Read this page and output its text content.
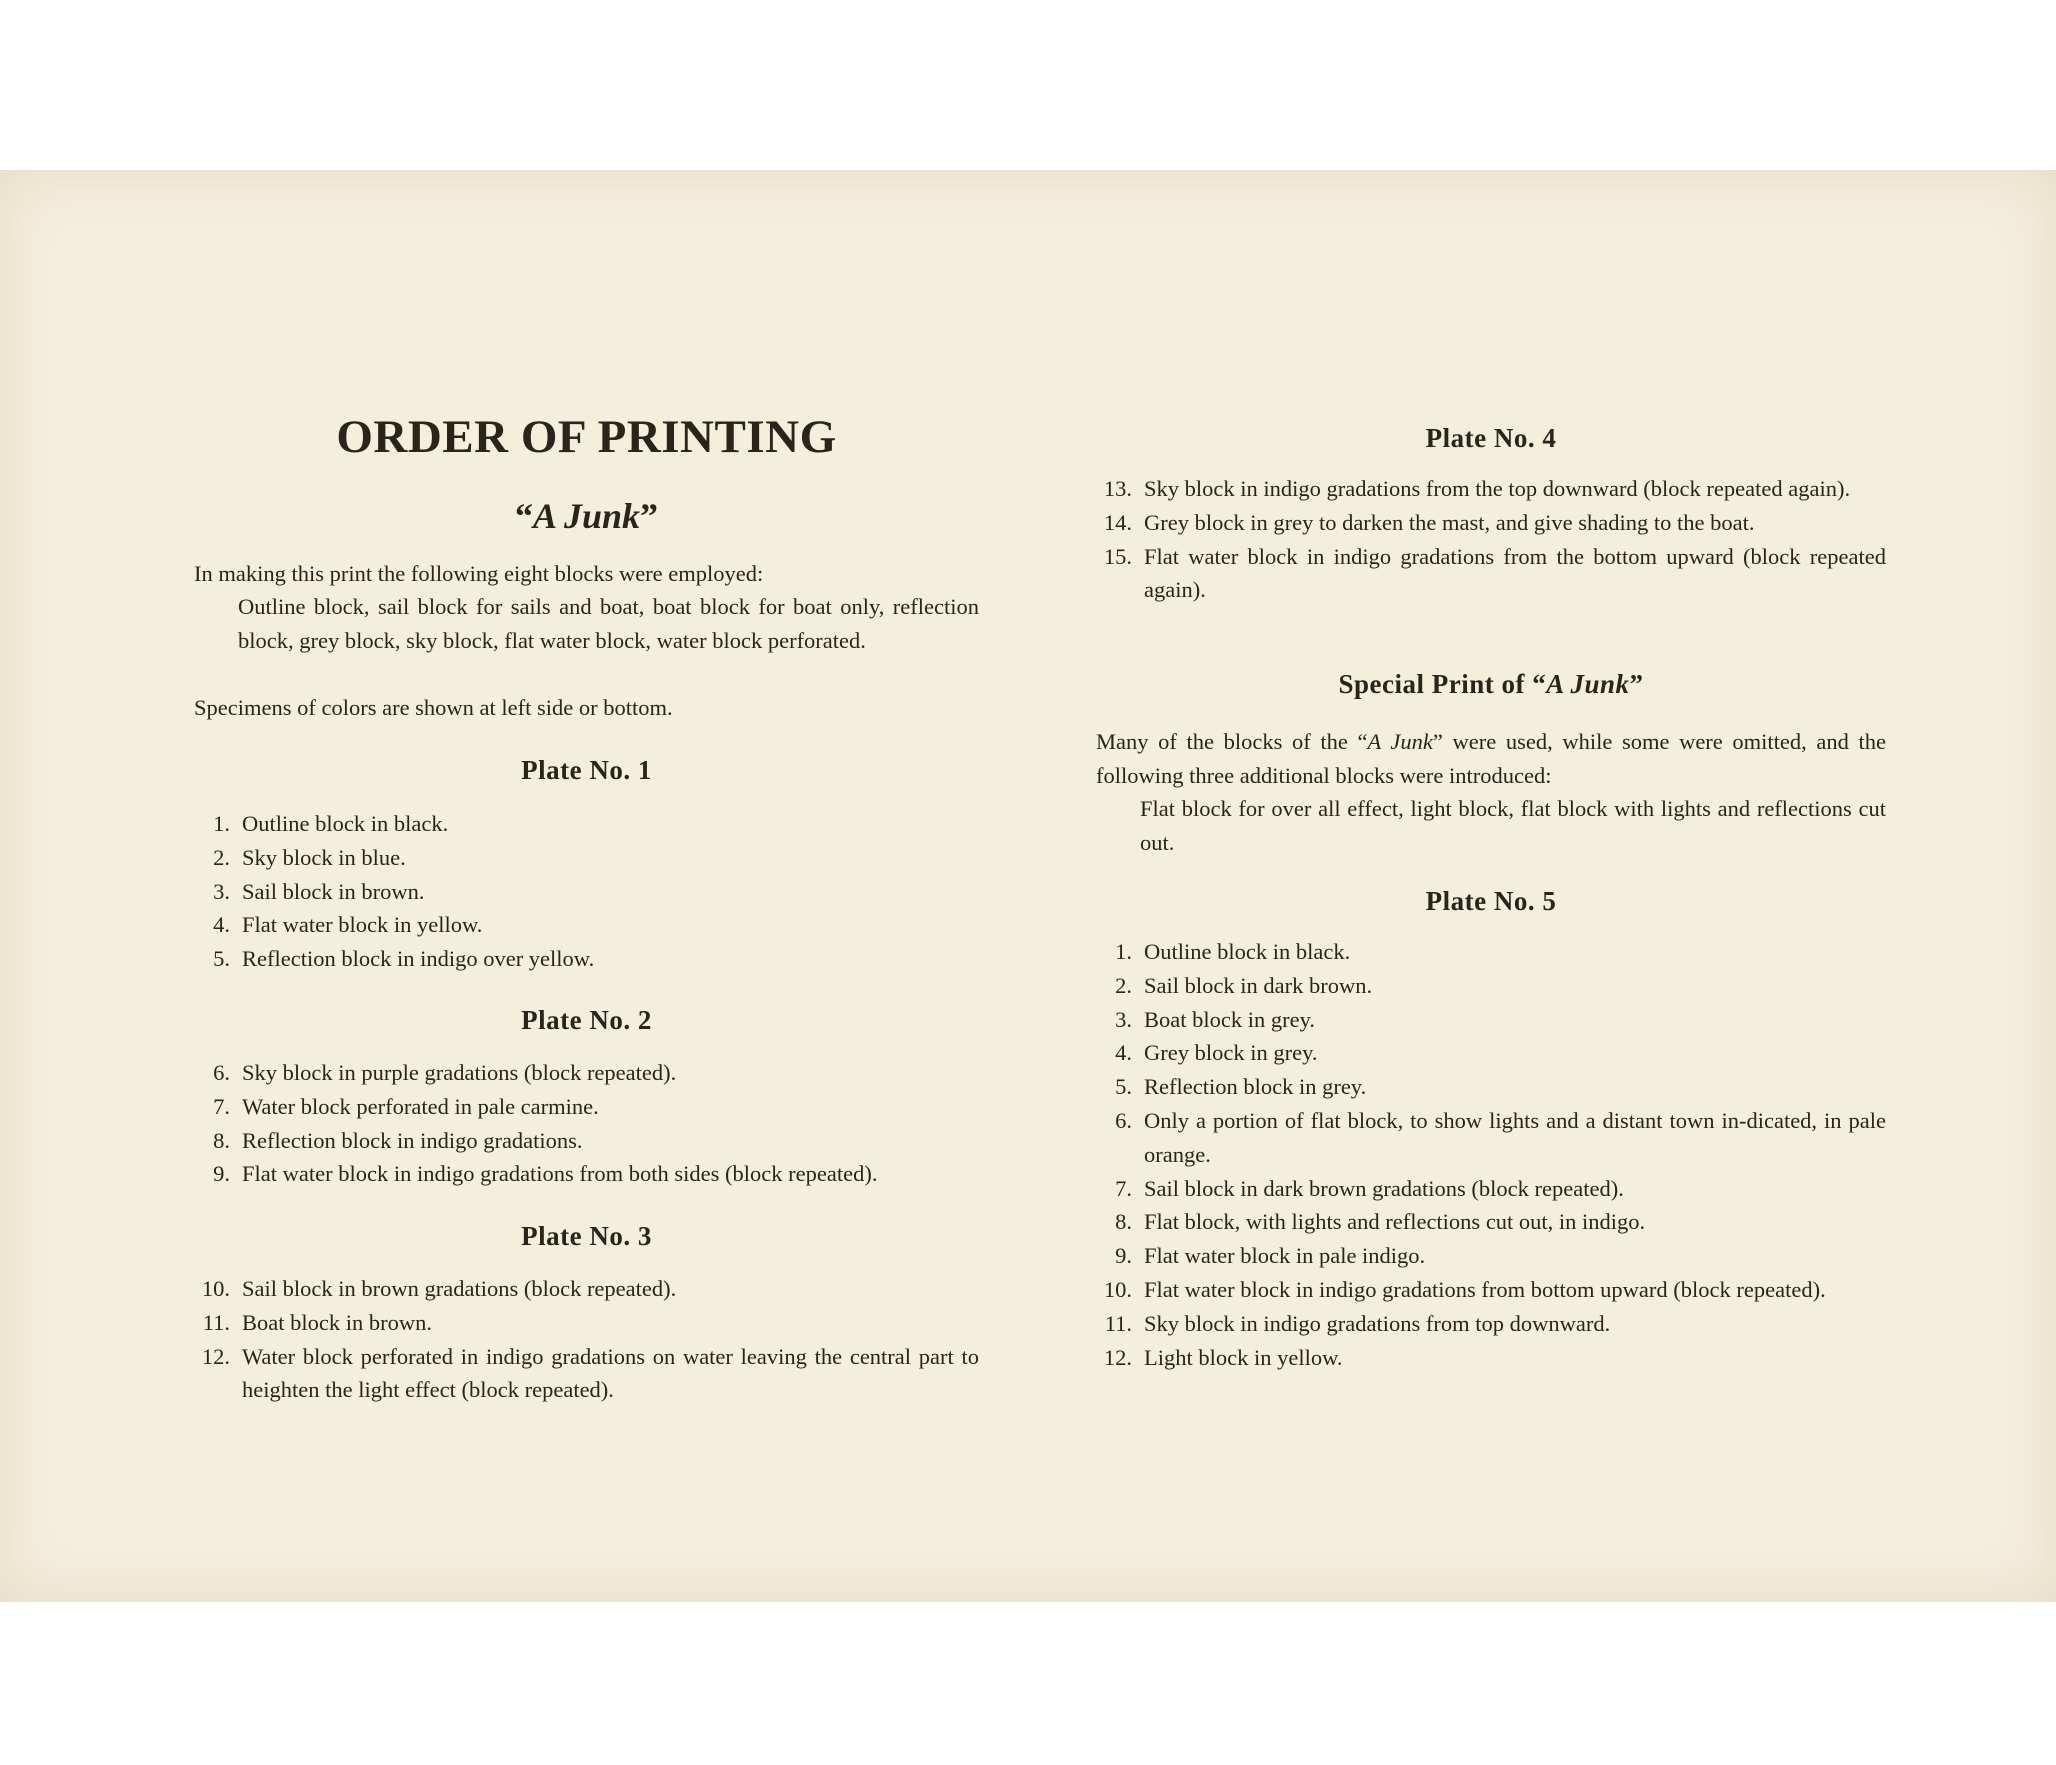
ORDER OF PRINTING
“A Junk”
In making this print the following eight blocks were employed:
Outline block, sail block for sails and boat, boat block for boat only, reflection block, grey block, sky block, flat water block, water block perforated.
Specimens of colors are shown at left side or bottom.
Plate No. 1
1. Outline block in black.
2. Sky block in blue.
3. Sail block in brown.
4. Flat water block in yellow.
5. Reflection block in indigo over yellow.
Plate No. 2
6. Sky block in purple gradations (block repeated).
7. Water block perforated in pale carmine.
8. Reflection block in indigo gradations.
9. Flat water block in indigo gradations from both sides (block repeated).
Plate No. 3
10. Sail block in brown gradations (block repeated).
11. Boat block in brown.
12. Water block perforated in indigo gradations on water leaving the central part to heighten the light effect (block repeated).
Plate No. 4
13. Sky block in indigo gradations from the top downward (block repeated again).
14. Grey block in grey to darken the mast, and give shading to the boat.
15. Flat water block in indigo gradations from the bottom upward (block repeated again).
Special Print of “A Junk”
Many of the blocks of the “A Junk” were used, while some were omitted, and the following three additional blocks were introduced:
Flat block for over all effect, light block, flat block with lights and reflections cut out.
Plate No. 5
1. Outline block in black.
2. Sail block in dark brown.
3. Boat block in grey.
4. Grey block in grey.
5. Reflection block in grey.
6. Only a portion of flat block, to show lights and a distant town in-dicated, in pale orange.
7. Sail block in dark brown gradations (block repeated).
8. Flat block, with lights and reflections cut out, in indigo.
9. Flat water block in pale indigo.
10. Flat water block in indigo gradations from bottom upward (block repeated).
11. Sky block in indigo gradations from top downward.
12. Light block in yellow.
